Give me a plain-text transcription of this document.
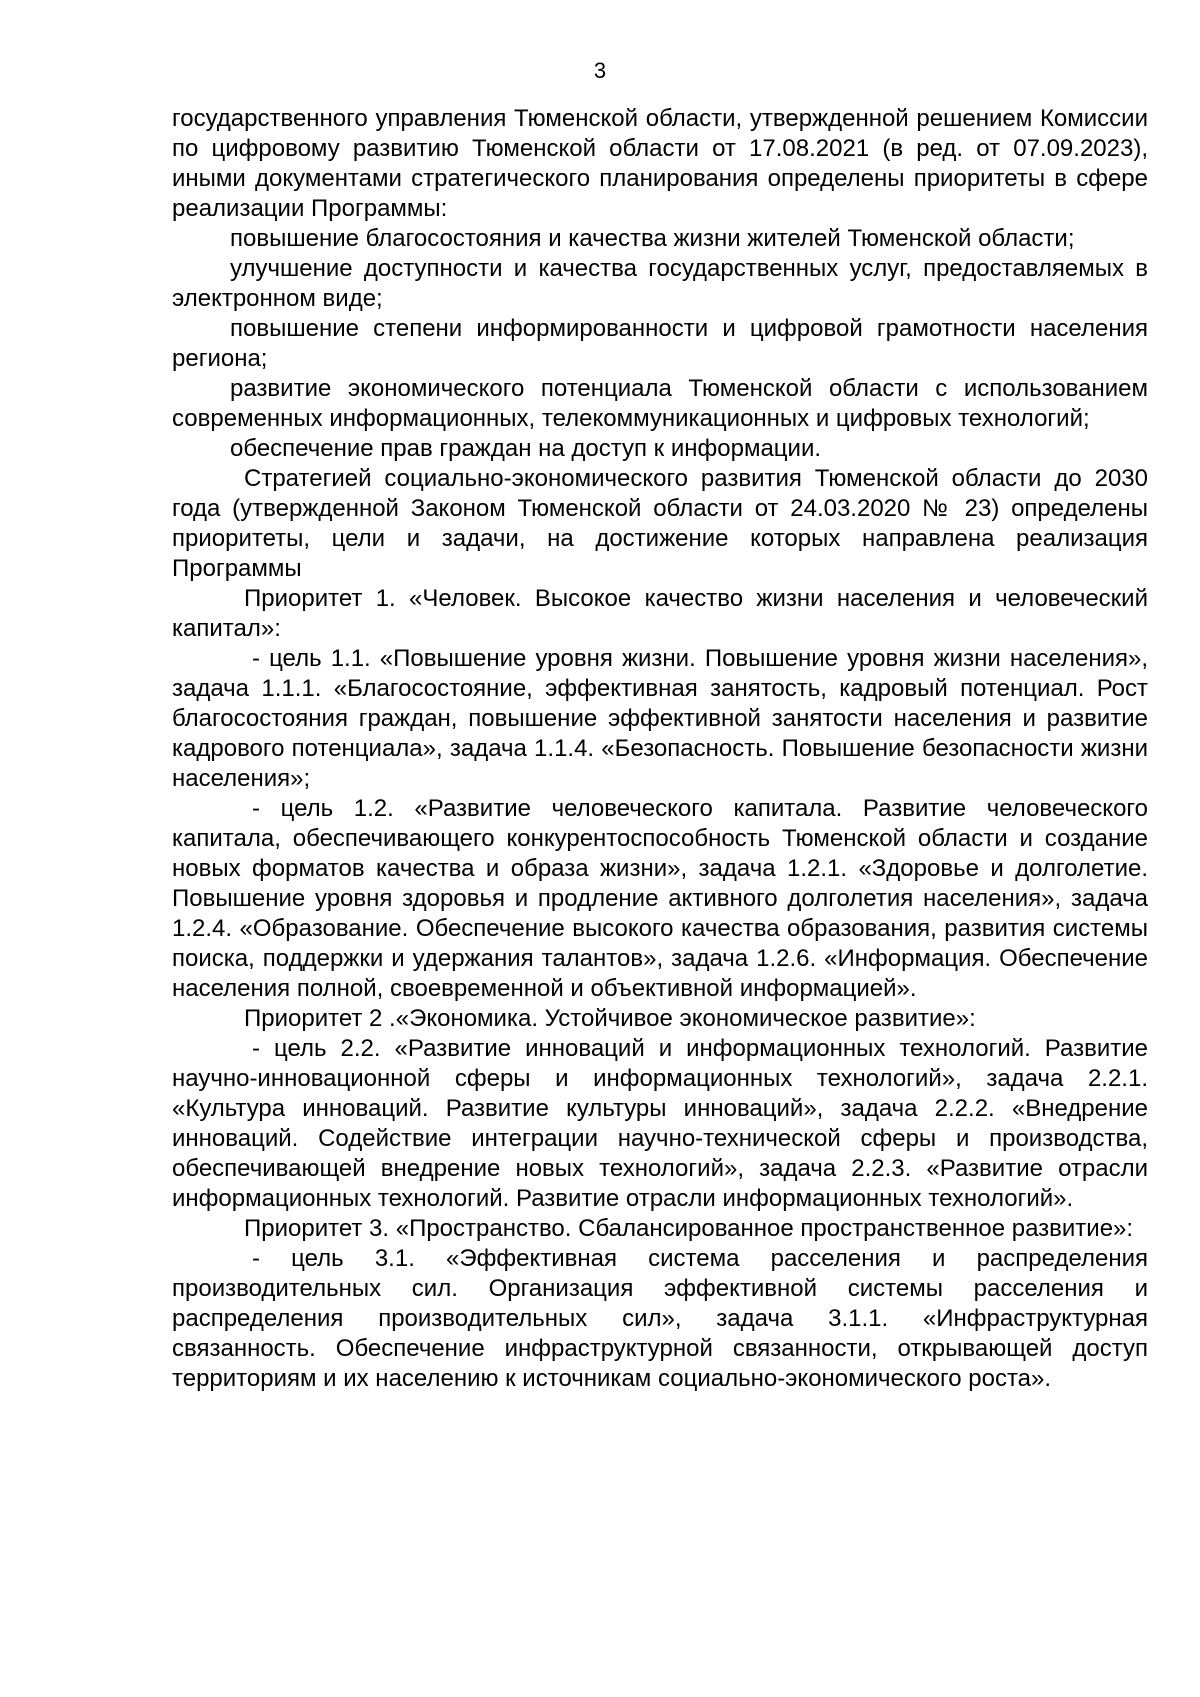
3

государственного управления Тюменской области, утвержденной решением Комиссии по цифровому развитию Тюменской области от 17.08.2021 (в ред. от 07.09.2023), иными документами стратегического планирования определены приоритеты в сфере реализации Программы:

повышение благосостояния и качества жизни жителей Тюменской области;

улучшение доступности и качества государственных услуг, предоставляемых в электронном виде;

повышение степени информированности и цифровой грамотности населения региона;

развитие экономического потенциала Тюменской области с использованием современных информационных, телекоммуникационных и цифровых технологий;

обеспечение прав граждан на доступ к информации.

Стратегией социально-экономического развития Тюменской области до 2030 года (утвержденной Законом Тюменской области от 24.03.2020 № 23) определены приоритеты, цели и задачи, на достижение которых направлена реализация Программы

Приоритет 1. «Человек. Высокое качество жизни населения и человеческий капитал»:

- цель 1.1. «Повышение уровня жизни. Повышение уровня жизни населения», задача 1.1.1. «Благосостояние, эффективная занятость, кадровый потенциал. Рост благосостояния граждан, повышение эффективной занятости населения и развитие кадрового потенциала», задача 1.1.4. «Безопасность. Повышение безопасности жизни населения»;

- цель 1.2. «Развитие человеческого капитала. Развитие человеческого капитала, обеспечивающего конкурентоспособность Тюменской области и создание новых форматов качества и образа жизни», задача 1.2.1. «Здоровье и долголетие. Повышение уровня здоровья и продление активного долголетия населения», задача 1.2.4. «Образование. Обеспечение высокого качества образования, развития системы поиска, поддержки и удержания талантов», задача 1.2.6. «Информация. Обеспечение населения полной, своевременной и объективной информацией».

Приоритет 2 .«Экономика. Устойчивое экономическое развитие»:

- цель 2.2. «Развитие инноваций и информационных технологий. Развитие научно-инновационной сферы и информационных технологий», задача 2.2.1. «Культура инноваций. Развитие культуры инноваций», задача 2.2.2. «Внедрение инноваций. Содействие интеграции научно-технической сферы и производства, обеспечивающей внедрение новых технологий», задача 2.2.3. «Развитие отрасли информационных технологий. Развитие отрасли информационных технологий».

Приоритет 3. «Пространство. Сбалансированное пространственное развитие»:

- цель 3.1. «Эффективная система расселения и распределения производительных сил. Организация эффективной системы расселения и распределения производительных сил», задача 3.1.1. «Инфраструктурная связанность. Обеспечение инфраструктурной связанности, открывающей доступ территориям и их населению к источникам социально-экономического роста».
